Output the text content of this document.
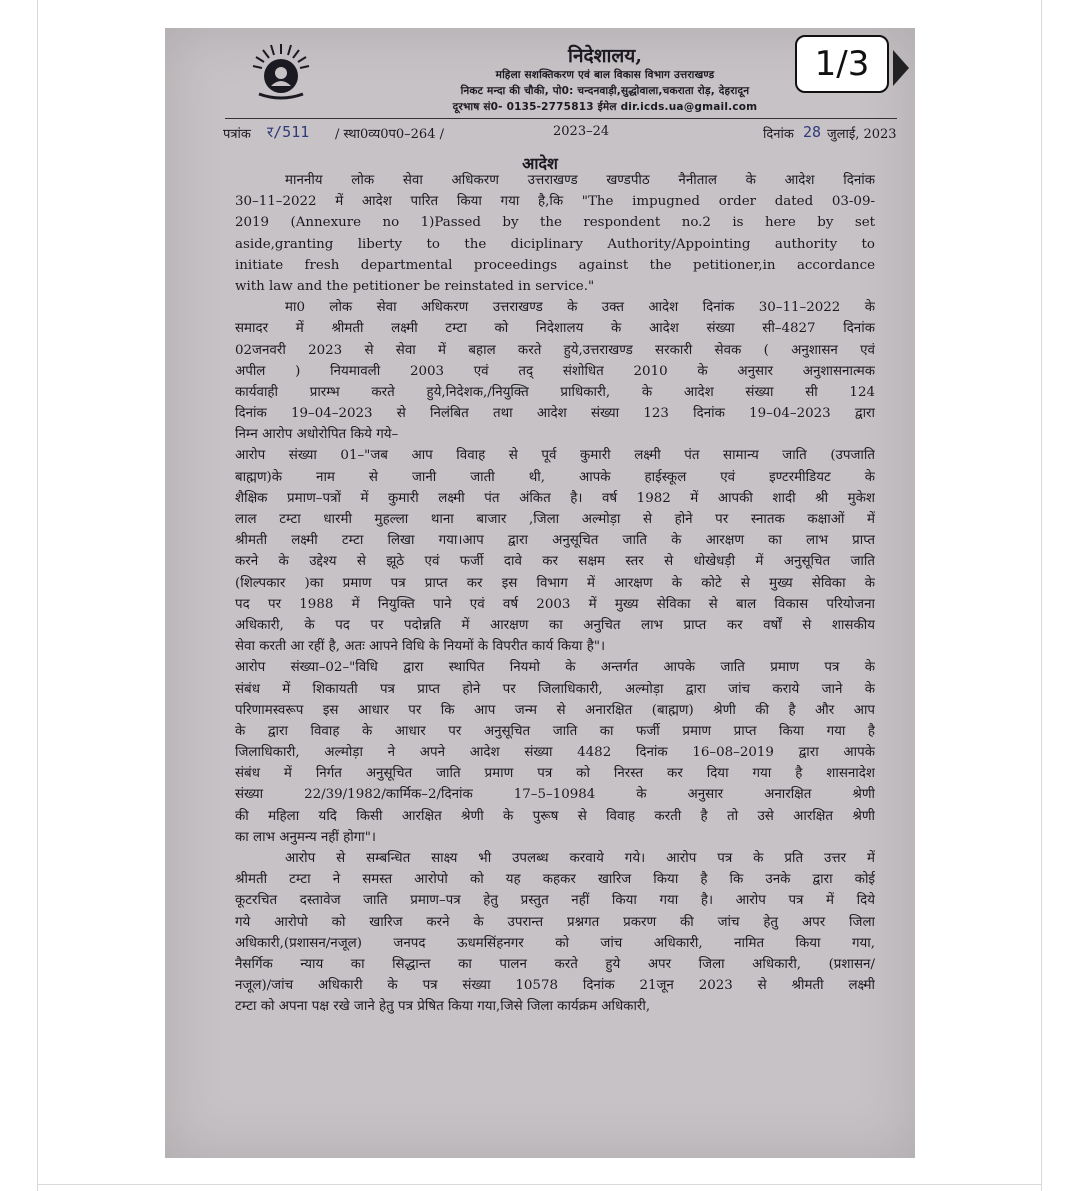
निदेशालय,
महिला सशक्तिकरण एवं बाल विकास विभाग उत्तराखण्ड
निकट मन्दा की चौकी, पो0: चन्दनवाड़ी,सुद्धोवाला,चकराता रोड़, देहरादून
दूरभाष सं0- 0135-2775813 ईमेल dir.icds.ua@gmail.com
पत्रांक र/511 / स्था0व्य0प0–264 /	2023–24	दिनांक 28 जुलाई, 2023
आदेश
माननीय लोक सेवा अधिकरण उत्तराखण्ड खण्डपीठ नैनीताल के आदेश दिनांक
30–11–2022 में आदेश पारित किया गया है,कि "The impugned order dated 03-09-
2019 (Annexure no 1)Passed by the respondent no.2 is here by set
aside,granting liberty to the diciplinary Authority/Appointing authority to
initiate fresh departmental proceedings against the petitioner,in accordance
with law and the petitioner be reinstated in service."
मा0 लोक सेवा अधिकरण उत्तराखण्ड के उक्त आदेश दिनांक 30–11–2022 के
समादर में श्रीमती लक्ष्मी टम्टा को निदेशालय के आदेश संख्या सी–4827 दिनांक
02जनवरी 2023 से सेवा में बहाल करते हुये,उत्तराखण्ड सरकारी सेवक ( अनुशासन एवं
अपील ) नियमावली 2003 एवं तद् संशोधित 2010 के अनुसार अनुशासनात्मक
कार्यवाही प्रारम्भ करते हुये,निदेशक,/नियुक्ति प्राधिकारी, के आदेश संख्या सी 124
दिनांक 19–04–2023 से निलंबित तथा आदेश संख्या 123 दिनांक 19–04–2023 द्वारा
निम्न आरोप अधोरोपित किये गये–
आरोप संख्या 01–"जब आप विवाह से पूर्व कुमारी लक्ष्मी पंत सामान्य जाति (उपजाति
बाह्मण)के नाम से जानी जाती थी, आपके हाईस्कूल एवं इण्टरमीडियट के
शैक्षिक प्रमाण–पत्रों में कुमारी लक्ष्मी पंत अंकित है। वर्ष 1982 में आपकी शादी श्री मुकेश
लाल टम्टा धारमी मुहल्ला थाना बाजार ,जिला अल्मोड़ा से होने पर स्नातक कक्षाओं में
श्रीमती लक्ष्मी टम्टा लिखा गया।आप द्वारा अनुसूचित जाति के आरक्षण का लाभ प्राप्त
करने के उद्देश्य से झूठे एवं फर्जी दावे कर सक्षम स्तर से धोखेधड़ी में अनुसूचित जाति
(शिल्पकार )का प्रमाण पत्र प्राप्त कर इस विभाग में आरक्षण के कोटे से मुख्य सेविका के
पद पर 1988 में नियुक्ति पाने एवं वर्ष 2003 में मुख्य सेविका से बाल विकास परियोजना
अधिकारी, के पद पर पदोन्नति में आरक्षण का अनुचित लाभ प्राप्त कर वर्षों से शासकीय
सेवा करती आ रहीं है, अतः आपने विधि के नियमों के विपरीत कार्य किया है"।
आरोप संख्या–02–"विधि द्वारा स्थापित नियमो के अन्तर्गत आपके जाति प्रमाण पत्र के
संबंध में शिकायती पत्र प्राप्त होने पर जिलाधिकारी, अल्मोड़ा द्वारा जांच कराये जाने के
परिणामस्वरूप इस आधार पर कि आप जन्म से अनारक्षित (बाह्मण) श्रेणी की है और आप
के द्वारा विवाह के आधार पर अनुसूचित जाति का फर्जी प्रमाण प्राप्त किया गया है
जिलाधिकारी, अल्मोड़ा ने अपने आदेश संख्या 4482 दिनांक 16–08–2019 द्वारा आपके
संबंध में निर्गत अनुसूचित जाति प्रमाण पत्र को निरस्त कर दिया गया है शासनादेश
संख्या 22/39/1982/कार्मिक–2/दिनांक 17–5–10984 के अनुसार अनारक्षित श्रेणी
की महिला यदि किसी आरक्षित श्रेणी के पुरूष से विवाह करती है तो उसे आरक्षित श्रेणी
का लाभ अनुमन्य नहीं होगा"।
आरोप से सम्बन्धित साक्ष्य भी उपलब्ध करवाये गये। आरोप पत्र के प्रति उत्तर में
श्रीमती टम्टा ने समस्त आरोपो को यह कहकर खारिज किया है कि उनके द्वारा कोई
कूटरचित दस्तावेज जाति प्रमाण–पत्र हेतु प्रस्तुत नहीं किया गया है। आरोप पत्र में दिये
गये आरोपो को खारिज करने के उपरान्त प्रश्नगत प्रकरण की जांच हेतु अपर जिला
अधिकारी,(प्रशासन/नजूल) जनपद ऊधमसिंहनगर को जांच अधिकारी, नामित किया गया,
नैसर्गिक न्याय का सिद्धान्त का पालन करते हुये अपर जिला अधिकारी, (प्रशासन/
नजूल)/जांच अधिकारी के पत्र संख्या 10578 दिनांक 21जून 2023 से श्रीमती लक्ष्मी
टम्टा को अपना पक्ष रखे जाने हेतु पत्र प्रेषित किया गया,जिसे जिला कार्यक्रम अधिकारी,
1/3
